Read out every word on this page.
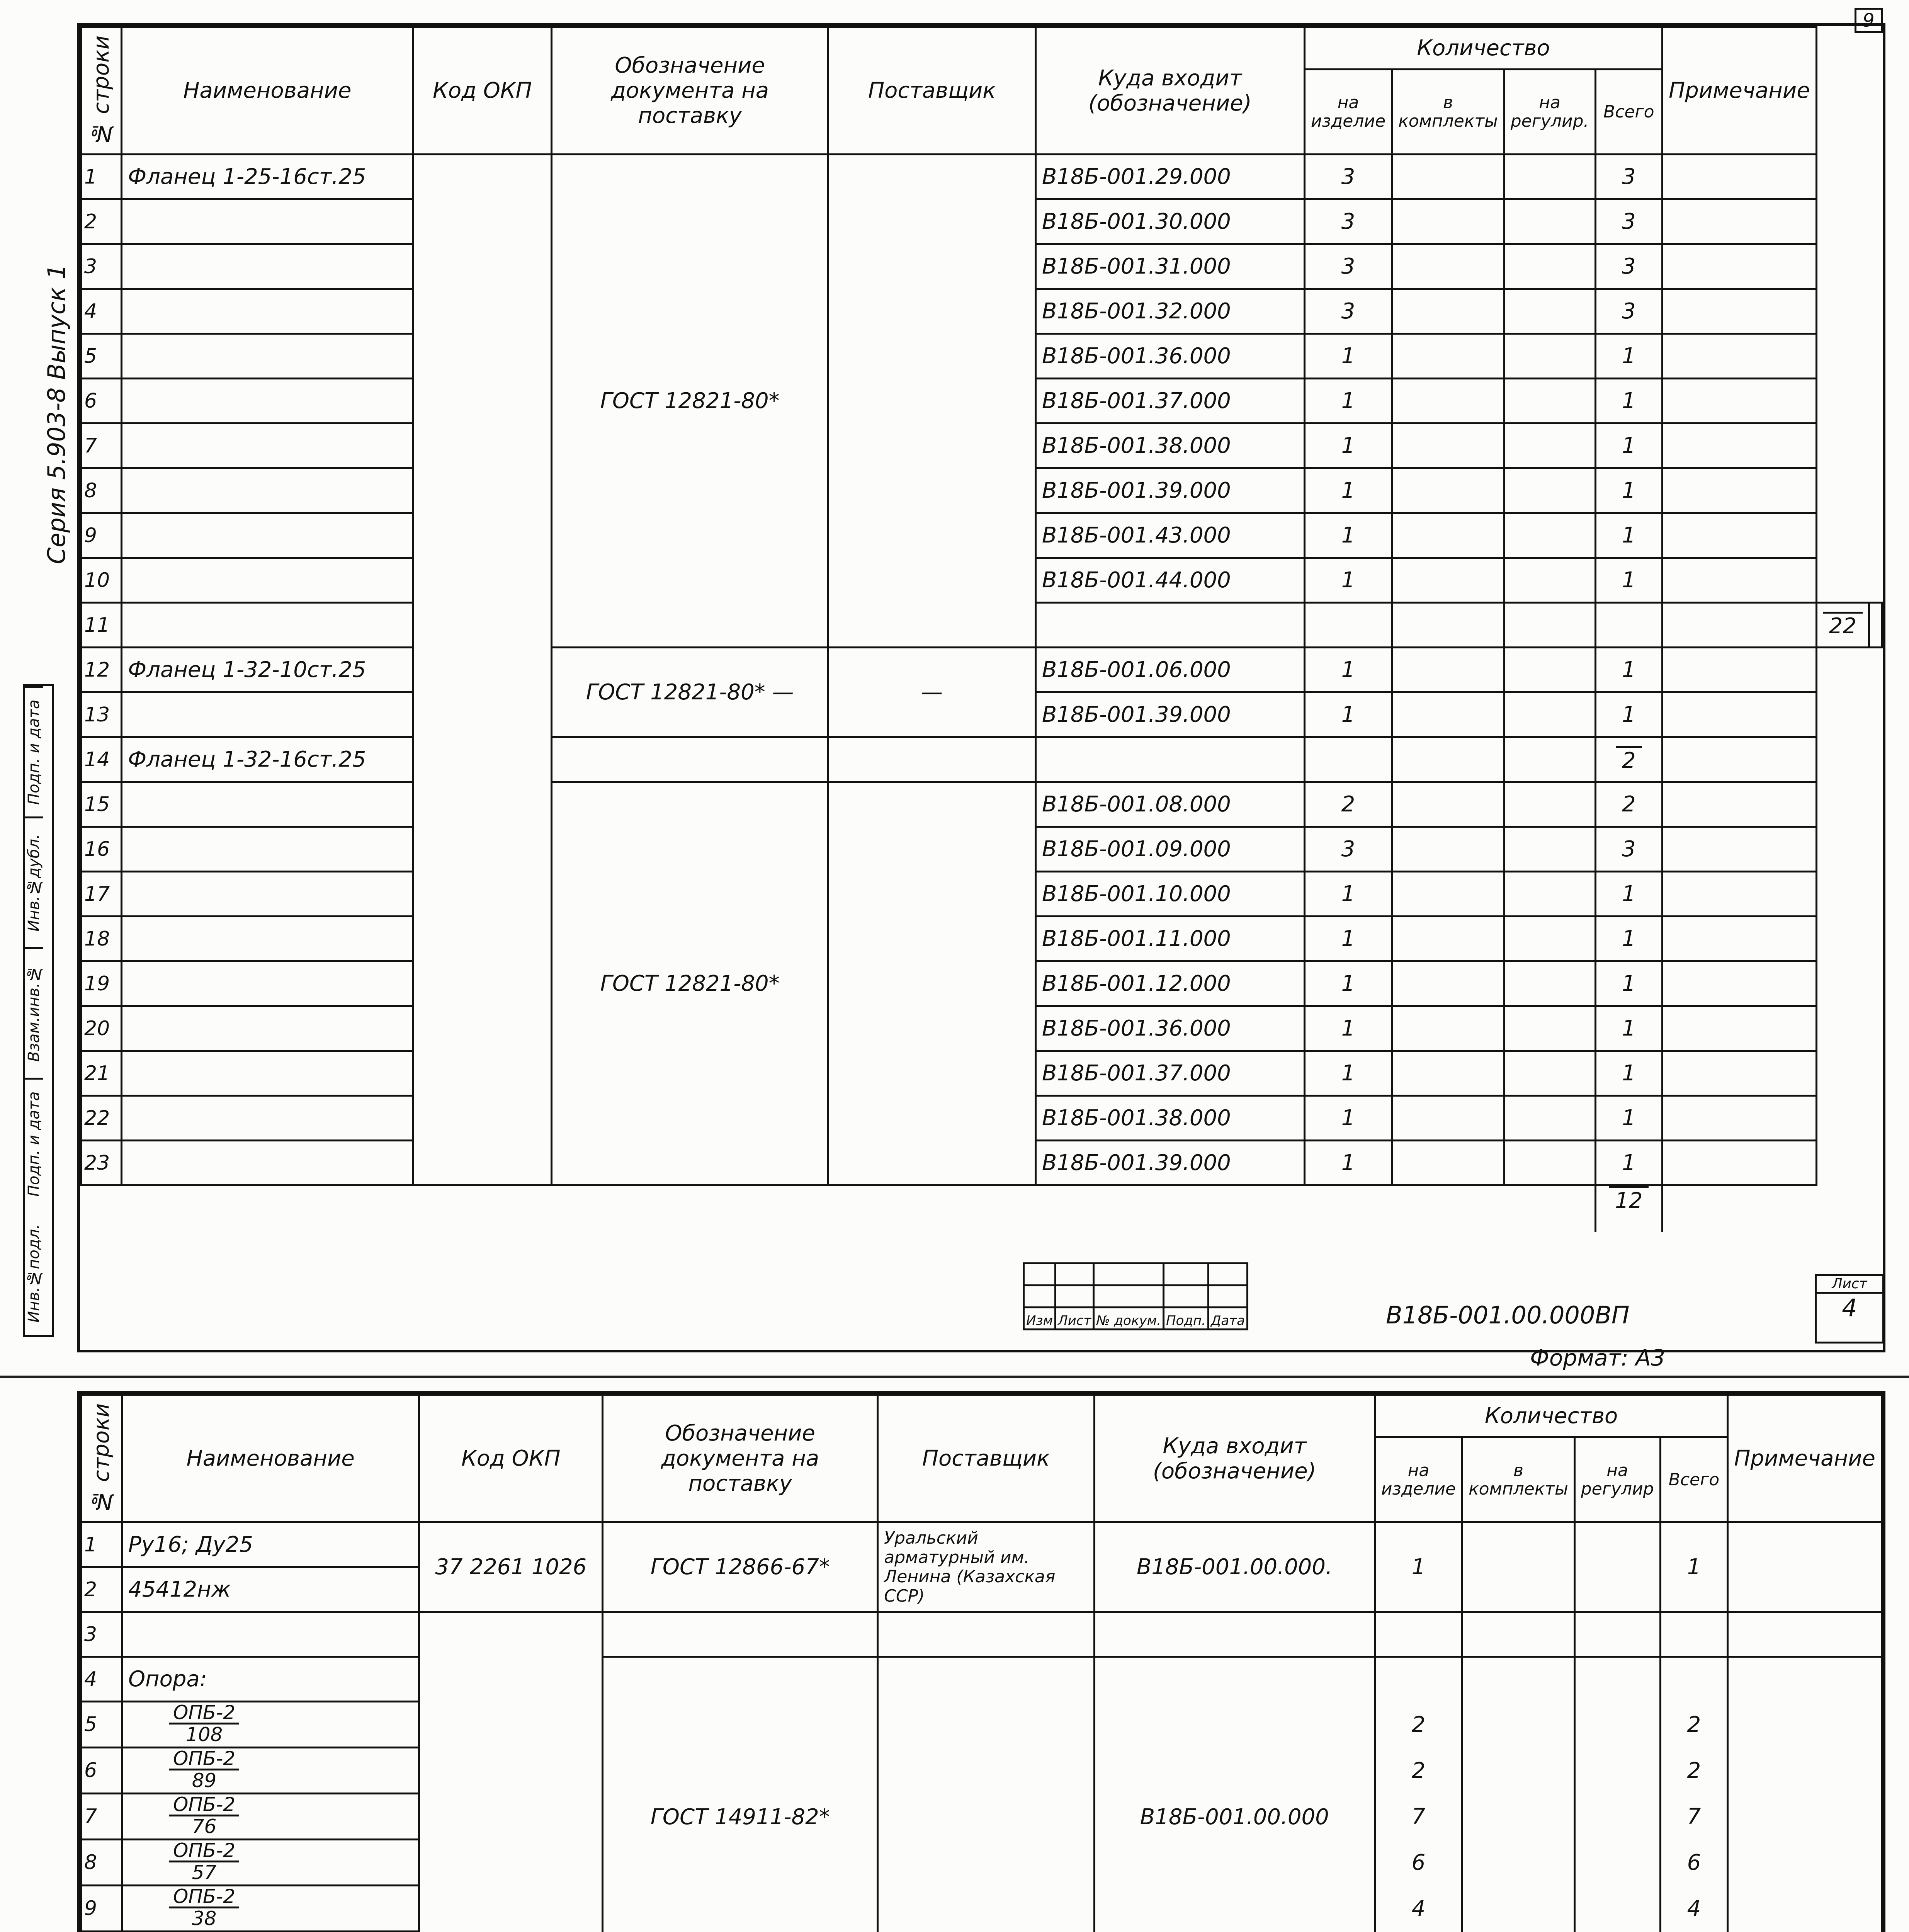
9
Серия 5.903-8 Выпуск 1
Подп. и дата
Инв.№дубл.
Взам.инв.№
Подп. и дата
Инв.№подл.
№ строки	Наименование	Код ОКП	Обозначение документа на поставку	Поставщик	Куда входит (обозначение)	Количество				Примечание		
						на изделие	в комплекты	на регулир.	Всего			
1	Фланец 1-25-16ст.25		ГОСТ 12821-80*		В18Б-001.29.000	3			3			
2					В18Б-001.30.000	3			3			
3					В18Б-001.31.000	3			3			
4					В18Б-001.32.000	3			3			
5					В18Б-001.36.000	1			1			
6					В18Б-001.37.000	1			1			
7					В18Б-001.38.000	1			1			
8					В18Б-001.39.000	1			1			
9					В18Б-001.43.000	1			1			
10					В18Б-001.44.000	1			1			
11											22	
12	Фланец 1-32-10ст.25		ГОСТ 12821-80* —	—	В18Б-001.06.000	1			1			
13					В18Б-001.39.000	1			1			
14	Фланец 1-32-16ст.25								2			
15			ГОСТ 12821-80*		В18Б-001.08.000	2			2			
16					В18Б-001.09.000	3			3			
17					В18Б-001.10.000	1			1			
18					В18Б-001.11.000	1			1			
19					В18Б-001.12.000	1			1			
20					В18Б-001.36.000	1			1			
21					В18Б-001.37.000	1			1			
22					В18Б-001.38.000	1			1			
23					В18Б-001.39.000	1			1			
									12			

Изм	Лист	№ докум.	Подп.	Дата	В18Б-001.00.000ВП
Лист
4
Формат: А3
№ строки	Наименование	Код ОКП	Обозначение документа на поставку	Поставщик	Куда входит (обозначение)	Количество				Примечание
						на изделие	в комплекты	на регулир	Всего	
1	Ру16; Ду25	37 2261 1026	ГОСТ 12866-67*	Уральский арматурный им. Ленина (Казахская ССР)	В18Б-001.00.000.	1			1	
2	45412нж									
3										
4	Опора:		ГОСТ 14911-82*		В18Б-001.00.000					
5	$\frac{\text{ОПБ-2}}{108}$					2			2	
6	$\frac{\text{ОПБ-2}}{89}$					2			2	
7	$\frac{\text{ОПБ-2}}{76}$					7			7	
8	$\frac{\text{ОПБ-2}}{57}$					6			6	
9	$\frac{\text{ОПБ-2}}{38}$					4			4	
